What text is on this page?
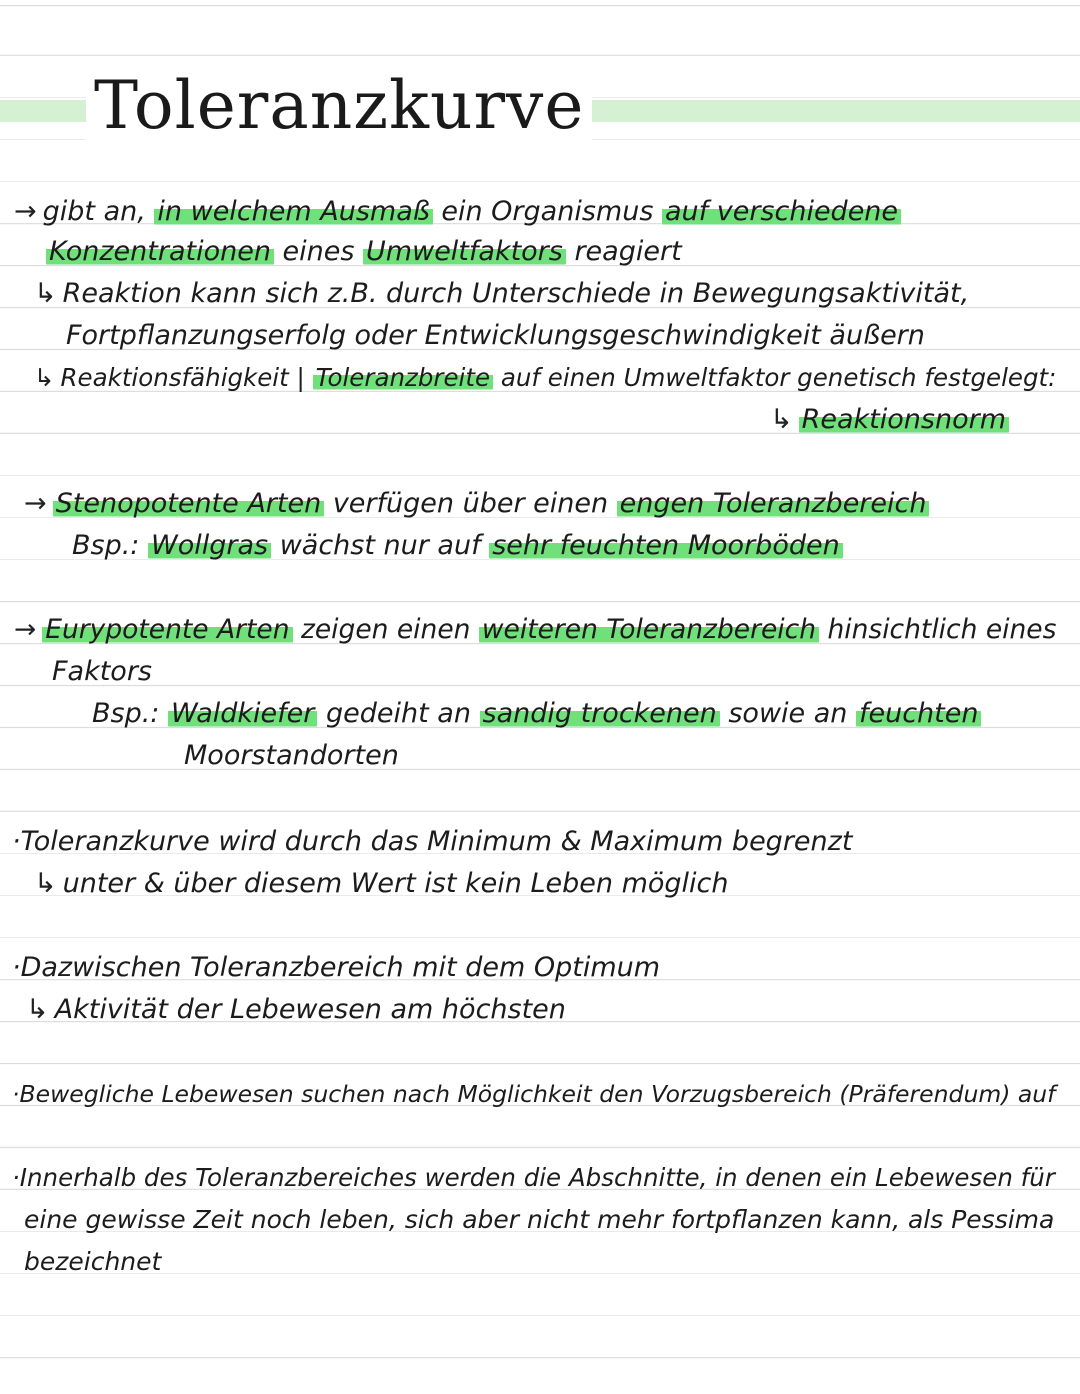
Toleranzkurve
→ gibt an, in welchem Ausmaß ein Organismus auf verschiedene
Konzentrationen eines Umweltfaktors reagiert
↳ Reaktion kann sich z.B. durch Unterschiede in Bewegungsaktivität,
Fortpflanzungserfolg oder Entwicklungsgeschwindigkeit äußern
↳ Reaktionsfähigkeit | Toleranzbreite auf einen Umweltfaktor genetisch festgelegt:
↳ Reaktionsnorm
→ Stenopotente Arten verfügen über einen engen Toleranzbereich
Bsp.: Wollgras wächst nur auf sehr feuchten Moorböden
→ Eurypotente Arten zeigen einen weiteren Toleranzbereich hinsichtlich eines
Faktors
Bsp.: Waldkiefer gedeiht an sandig trockenen sowie an feuchten
Moorstandorten
·Toleranzkurve wird durch das Minimum & Maximum begrenzt
↳ unter & über diesem Wert ist kein Leben möglich
·Dazwischen Toleranzbereich mit dem Optimum
↳ Aktivität der Lebewesen am höchsten
·Bewegliche Lebewesen suchen nach Möglichkeit den Vorzugsbereich (Präferendum) auf
·Innerhalb des Toleranzbereiches werden die Abschnitte, in denen ein Lebewesen für
eine gewisse Zeit noch leben, sich aber nicht mehr fortpflanzen kann, als Pessima
bezeichnet
